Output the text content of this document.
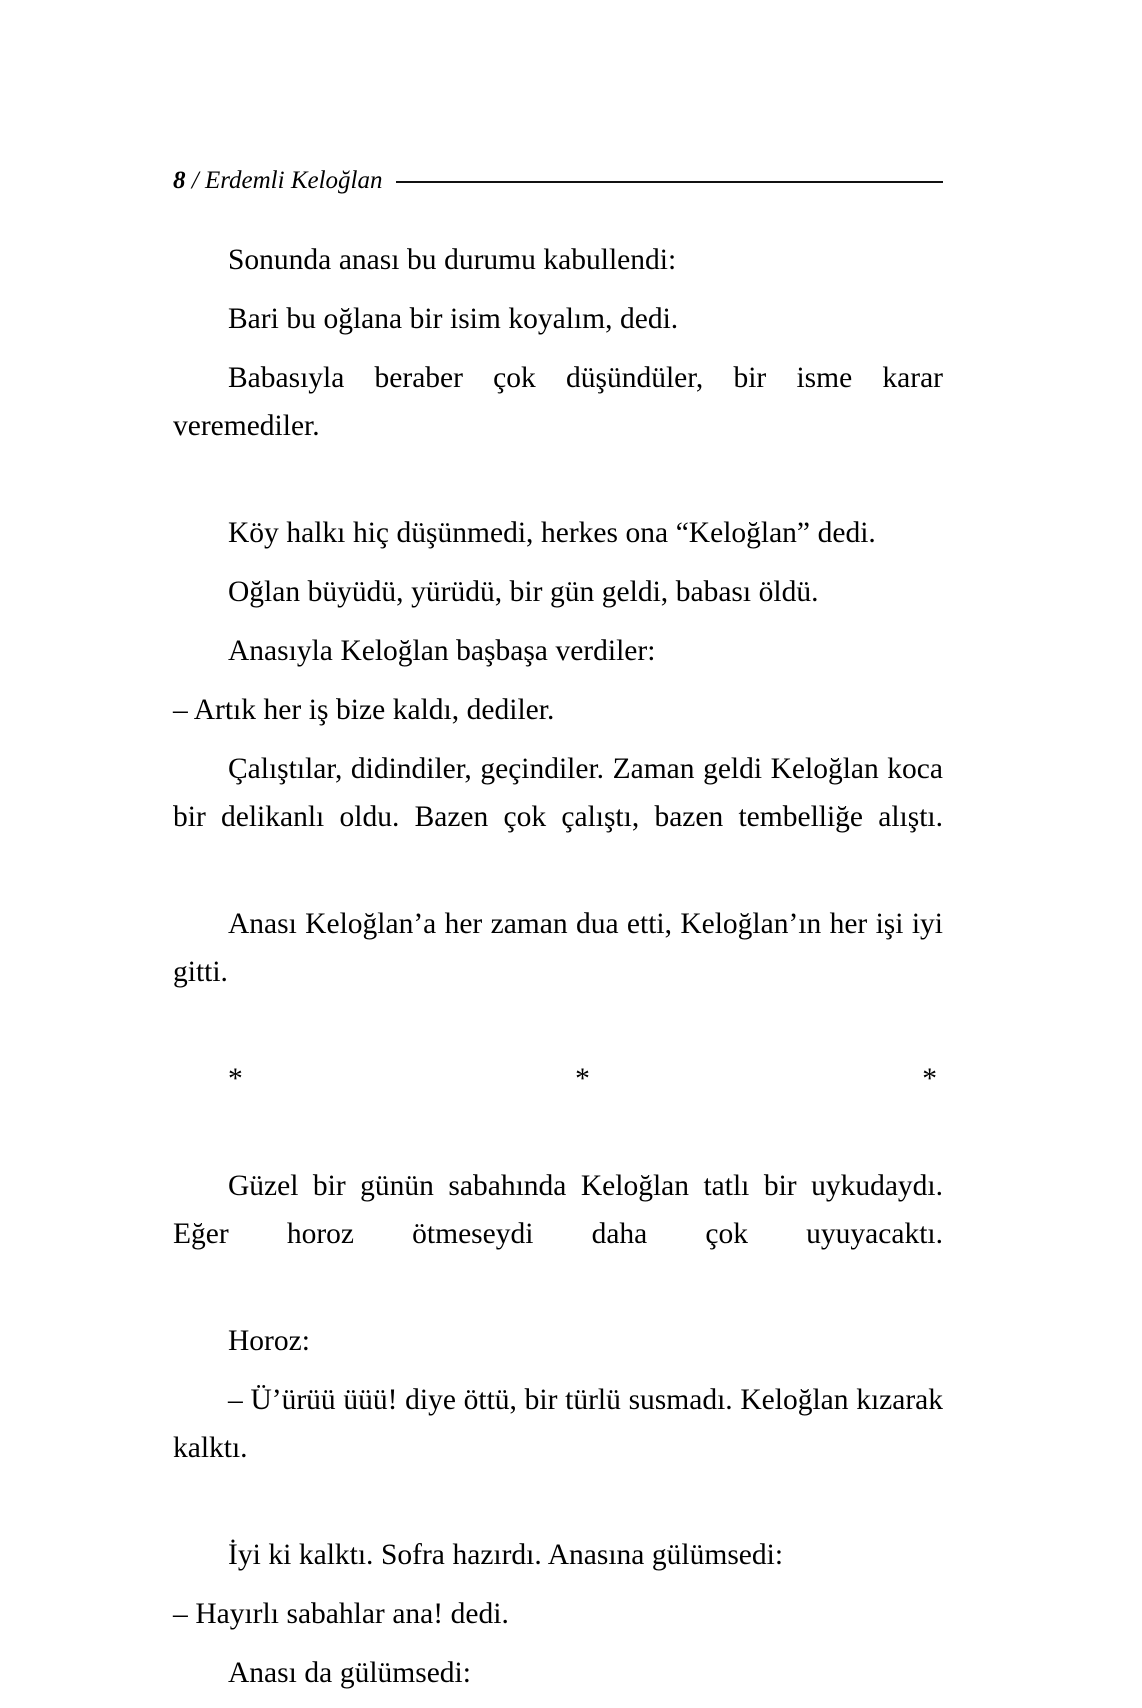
8 / Erdemli Keloğlan

Sonunda anası bu durumu kabullendi:

Bari bu oğlana bir isim koyalım, dedi.

Babasıyla beraber çok düşündüler, bir isme karar veremediler.

Köy halkı hiç düşünmedi, herkes ona “Keloğlan” dedi.

Oğlan büyüdü, yürüdü, bir gün geldi, babası öldü.

Anasıyla Keloğlan başbaşa verdiler:

– Artık her iş bize kaldı, dediler.

Çalıştılar, didindiler, geçindiler. Zaman geldi Keloğlan koca bir delikanlı oldu. Bazen çok çalıştı, bazen tembelliğe alıştı.

Anası Keloğlan’a her zaman dua etti, Keloğlan’ın her işi iyi gitti.

* * *

Güzel bir günün sabahında Keloğlan tatlı bir uykudaydı. Eğer horoz ötmeseydi daha çok uyuyacaktı.

Horoz:

– Ü’ürüü üüü! diye öttü, bir türlü susmadı. Keloğlan kızarak kalktı.

İyi ki kalktı. Sofra hazırdı. Anasına gülümsedi:

– Hayırlı sabahlar ana! dedi.

Anası da gülümsedi:
